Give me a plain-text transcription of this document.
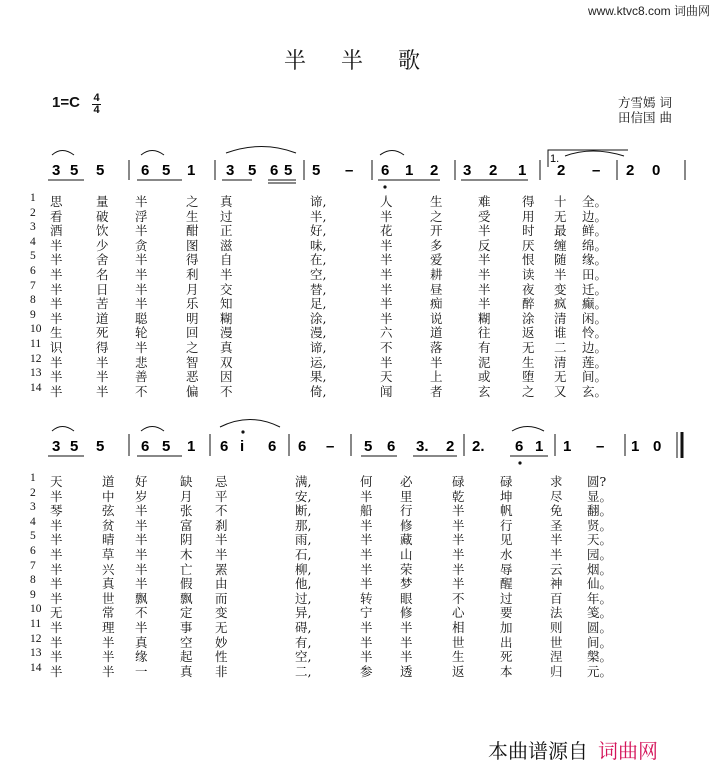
www.ktvc8.com 词曲网
半 半 歌
1=C 4
4	方雪嫣 词
田信国 曲
1.
3 5 5 6 5 1 3 5 6 5 5 – 6 1 2 3 2 1 2 – 2 0
3 5 5 6 5 1 6 i 6 6 – 5 6 3. 2 2. 6 1 1 – 1 0
1 思	量 半	之 真	谛,	人	生	难	得 十 全。
2 看	破 浮	生 过	半,	半	之	受	用 无 边。
3 酒	饮 半	酣 正	好,	花	开	半	时 最 鲜。
4 半	少 贪	图 滋	味,	半	多	反	厌 缠 绵。
5 半	舍 半	得 自	在,	半	爱	半	恨 随 缘。
6 半	名 半	利 半	空,	半	耕	半	读 半 田。
7 半	日 半	月 交	替,	半	昼	半	夜 变 迁。
8 半	苦 半	乐 知	足,	半	痴	半	醉 疯 癫。
9 半	道 聪	明 糊	涂,	半	说	糊	涂 清 闲。
10 生	死 轮	回 漫	漫,	六	道	往	返 谁 怜。
11 识	得 半	之 真	谛,	不	落	有	无 二 边。
12 半	半 悲	智 双	运,	半	半	泥	生 清 莲。
13 半	半 善	恶 因	果,	天	上	或	堕 无 间。
14 半	半 不	偏 不	倚,	闻	者	玄	之 又 玄。
1 天	道 好	缺 忌	满,	何 必	碌	碌	求 圆?
2 半	中 岁	月 平	安,	半 里	乾	坤	尽 显。
3 琴	弦 半	张 不	断,	船 行	半	帆	免 翻。
4 半	贫 半	富 刹	那,	半 修	半	行	圣 贤。
5 半	晴 半	阴 半	雨,	半 藏	半	见	半 天。
6 半	草 半	木 半	石,	半 山	半	水	半 园。
7 半	兴 半	亡 罴	柳,	半 荣	半	辱	云 烟。
8 半	真 半	假 由	他,	半 梦	半	醒	神 仙。
9 半	世 飘	飘 而	过,	转 眼	不	过	百 年。
10 无	常 不	定 变	异,	宁 修	心	要	法 笺。
11 半	理 半	事 无	碍,	半 半	相	加	则 圆。
12 半	半 真	空 妙	有,	半 半	世	出	世 间。
13 半	半 缘	起 性	空,	半 半	生	死	涅 槃。
14 半	半 一	真 非	二,	参 透	返	本	归 元。
本曲谱源自 词曲网
